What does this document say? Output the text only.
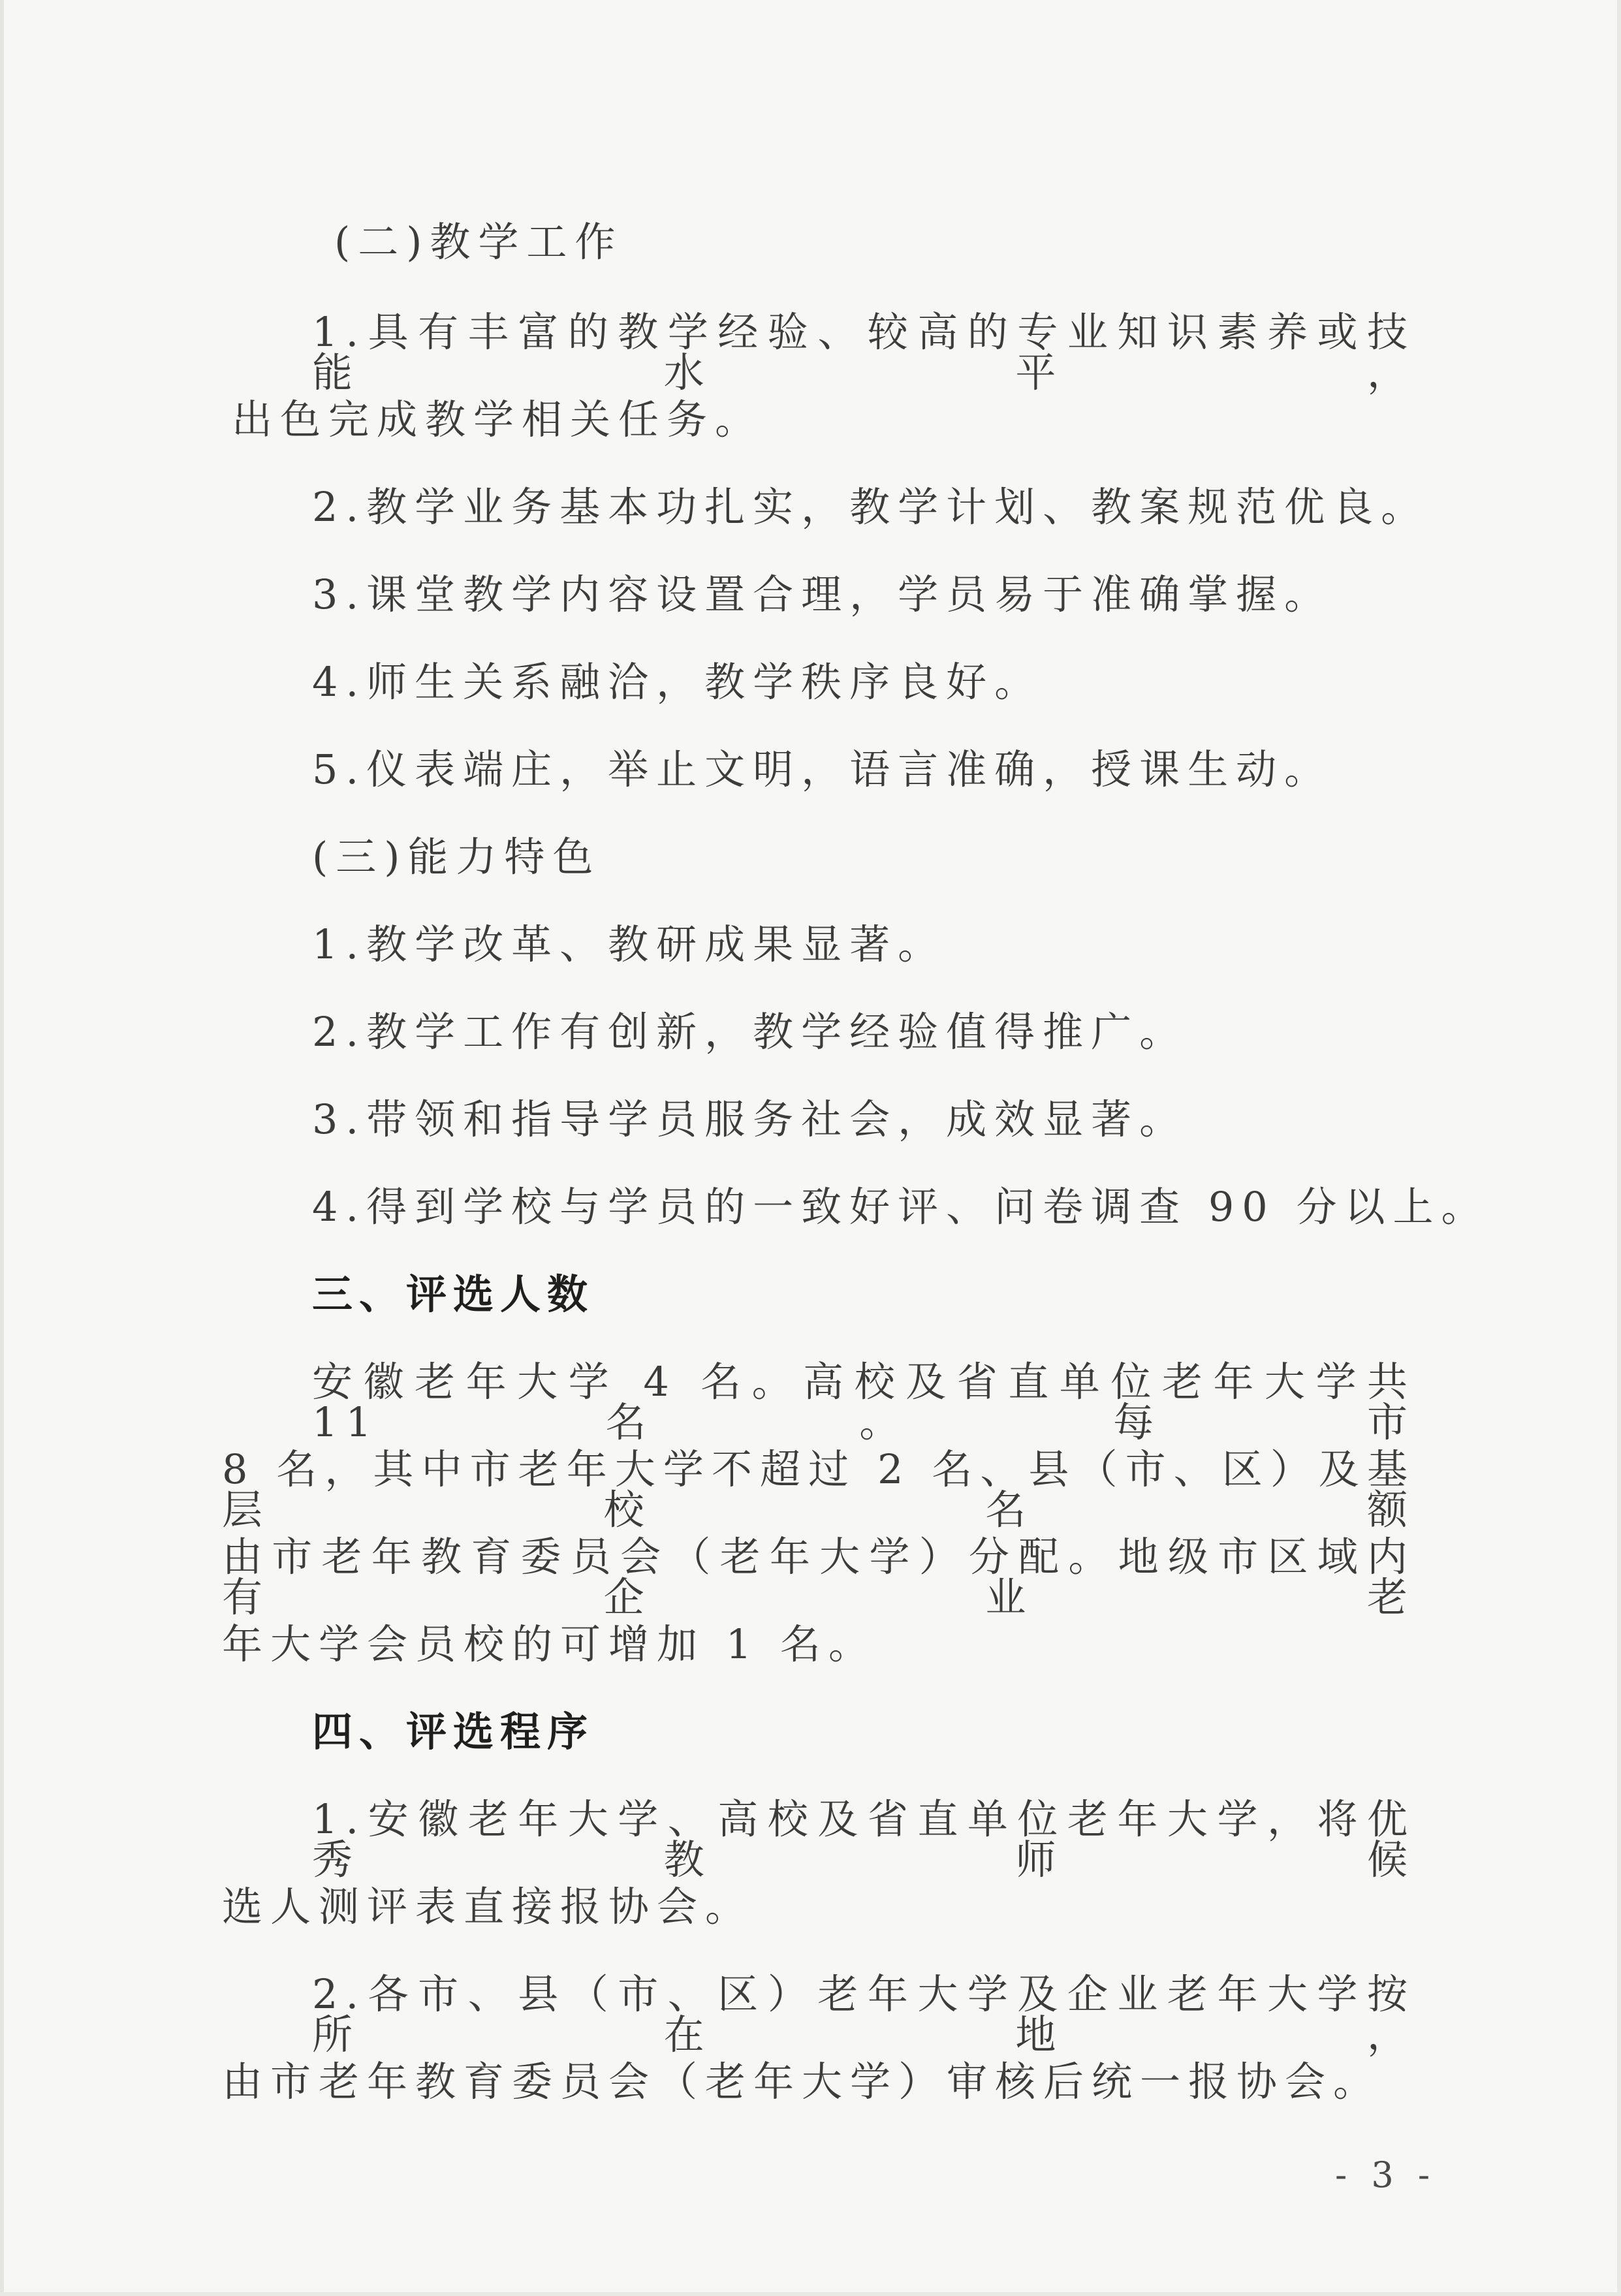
(二)教学工作
1.具有丰富的教学经验、较高的专业知识素养或技能水平，
出色完成教学相关任务。
2.教学业务基本功扎实，教学计划、教案规范优良。
3.课堂教学内容设置合理，学员易于准确掌握。
4.师生关系融洽，教学秩序良好。
5.仪表端庄，举止文明，语言准确，授课生动。
(三)能力特色
1.教学改革、教研成果显著。
2.教学工作有创新，教学经验值得推广。
3.带领和指导学员服务社会，成效显著。
4.得到学校与学员的一致好评、问卷调查 90 分以上。
三、评选人数
安徽老年大学 4 名。高校及省直单位老年大学共 11 名。每市
8 名，其中市老年大学不超过 2 名、县（市、区）及基层校名额
由市老年教育委员会（老年大学）分配。地级市区域内有企业老
年大学会员校的可增加 1 名。
四、评选程序
1.安徽老年大学、高校及省直单位老年大学，将优秀教师候
选人测评表直接报协会。
2.各市、县（市、区）老年大学及企业老年大学按所在地，
由市老年教育委员会（老年大学）审核后统一报协会。
- 3 -
